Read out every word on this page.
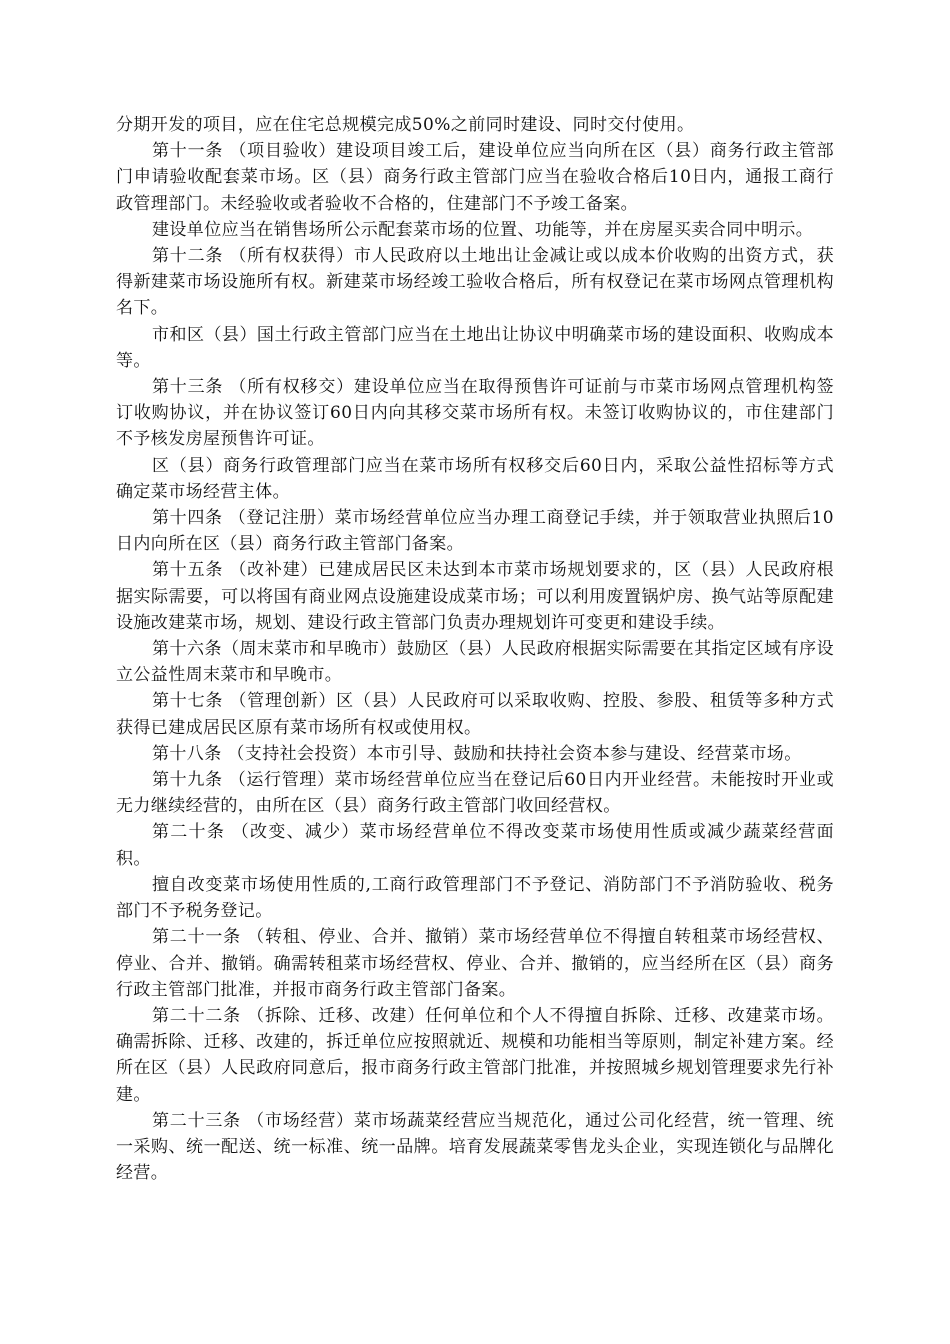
分期开发的项目，应在住宅总规模完成50%之前同时建设、同时交付使用。

第十一条 （项目验收）建设项目竣工后，建设单位应当向所在区（县）商务行政主管部门申请验收配套菜市场。区（县）商务行政主管部门应当在验收合格后10日内，通报工商行政管理部门。未经验收或者验收不合格的，住建部门不予竣工备案。

建设单位应当在销售场所公示配套菜市场的位置、功能等，并在房屋买卖合同中明示。

第十二条 （所有权获得）市人民政府以土地出让金减让或以成本价收购的出资方式，获得新建菜市场设施所有权。新建菜市场经竣工验收合格后，所有权登记在菜市场网点管理机构名下。

市和区（县）国土行政主管部门应当在土地出让协议中明确菜市场的建设面积、收购成本等。

第十三条 （所有权移交）建设单位应当在取得预售许可证前与市菜市场网点管理机构签订收购协议，并在协议签订60日内向其移交菜市场所有权。未签订收购协议的，市住建部门不予核发房屋预售许可证。

区（县）商务行政管理部门应当在菜市场所有权移交后60日内，采取公益性招标等方式确定菜市场经营主体。

第十四条 （登记注册）菜市场经营单位应当办理工商登记手续，并于领取营业执照后10日内向所在区（县）商务行政主管部门备案。

第十五条 （改补建）已建成居民区未达到本市菜市场规划要求的，区（县）人民政府根据实际需要，可以将国有商业网点设施建设成菜市场；可以利用废置锅炉房、换气站等原配建设施改建菜市场，规划、建设行政主管部门负责办理规划许可变更和建设手续。

第十六条（周末菜市和早晚市）鼓励区（县）人民政府根据实际需要在其指定区域有序设立公益性周末菜市和早晚市。

第十七条 （管理创新）区（县）人民政府可以采取收购、控股、参股、租赁等多种方式获得已建成居民区原有菜市场所有权或使用权。

第十八条 （支持社会投资）本市引导、鼓励和扶持社会资本参与建设、经营菜市场。

第十九条 （运行管理）菜市场经营单位应当在登记后60日内开业经营。未能按时开业或无力继续经营的，由所在区（县）商务行政主管部门收回经营权。

第二十条 （改变、减少）菜市场经营单位不得改变菜市场使用性质或减少蔬菜经营面积。

擅自改变菜市场使用性质的,工商行政管理部门不予登记、消防部门不予消防验收、税务部门不予税务登记。

第二十一条 （转租、停业、合并、撤销）菜市场经营单位不得擅自转租菜市场经营权、停业、合并、撤销。确需转租菜市场经营权、停业、合并、撤销的，应当经所在区（县）商务行政主管部门批准，并报市商务行政主管部门备案。

第二十二条 （拆除、迁移、改建）任何单位和个人不得擅自拆除、迁移、改建菜市场。确需拆除、迁移、改建的，拆迁单位应按照就近、规模和功能相当等原则，制定补建方案。经所在区（县）人民政府同意后，报市商务行政主管部门批准，并按照城乡规划管理要求先行补建。

第二十三条 （市场经营）菜市场蔬菜经营应当规范化，通过公司化经营，统一管理、统一采购、统一配送、统一标准、统一品牌。培育发展蔬菜零售龙头企业，实现连锁化与品牌化经营。
